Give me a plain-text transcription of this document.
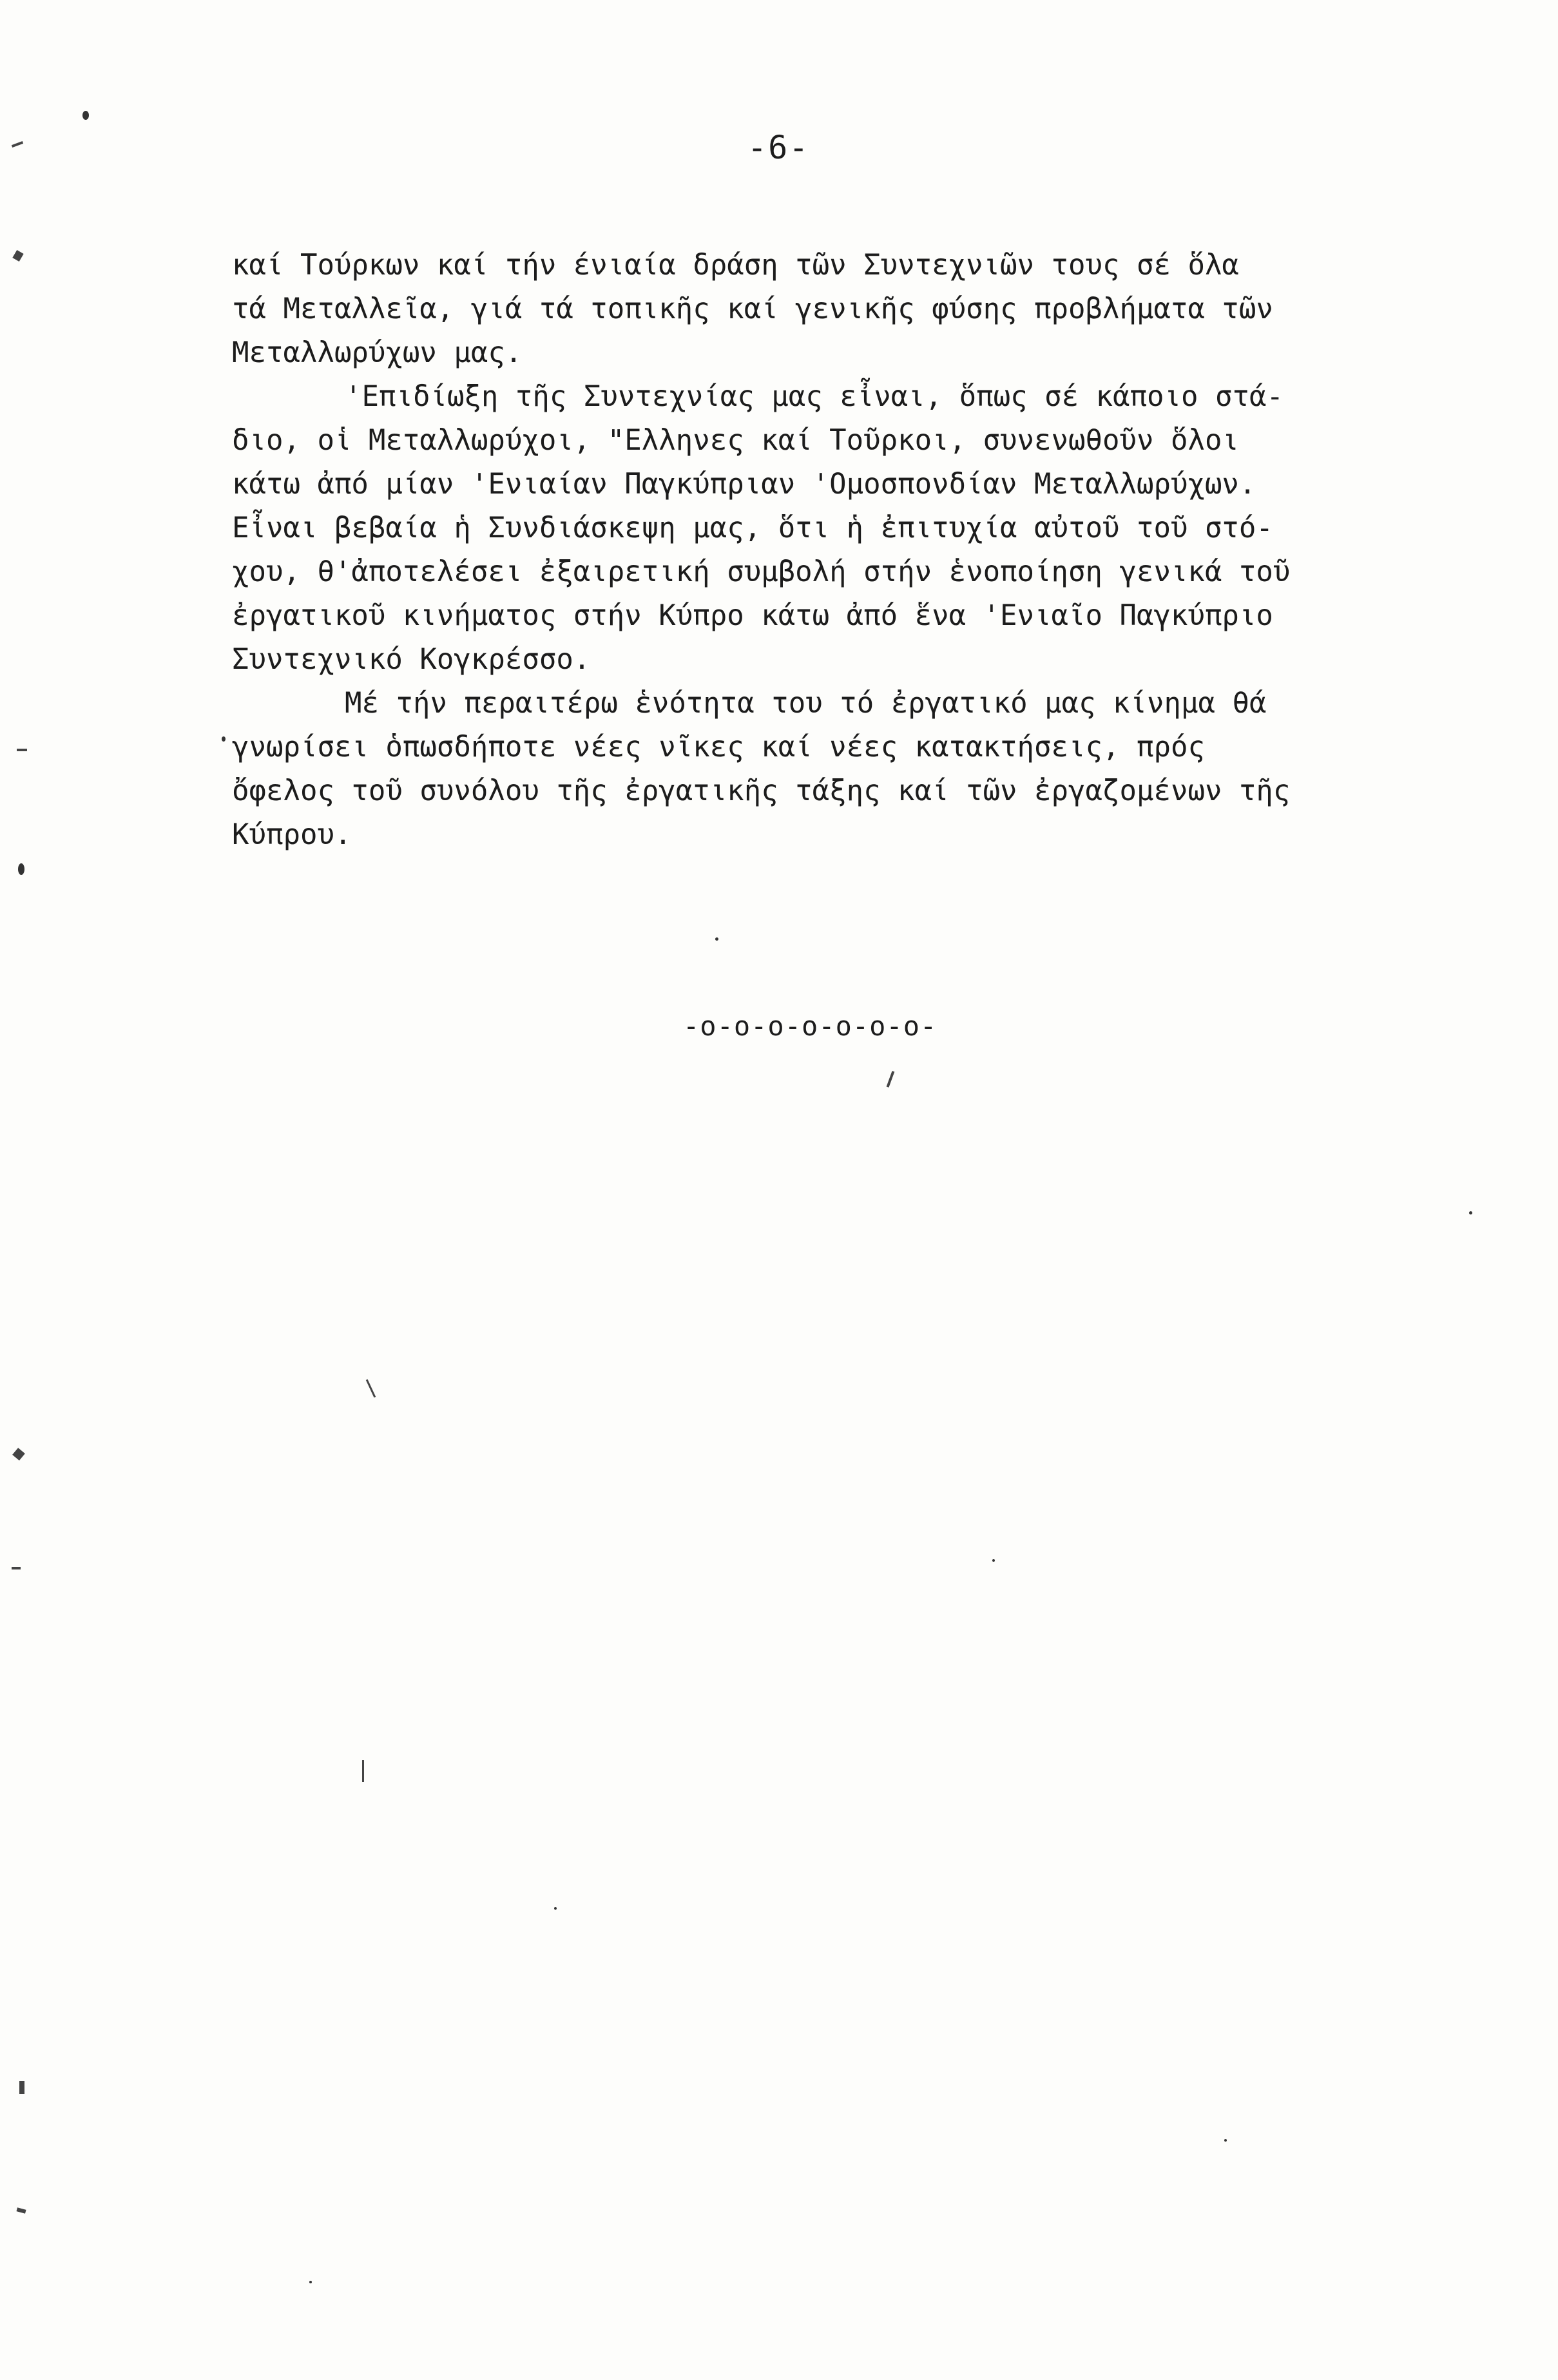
-6-
καί Τούρκων καί τήν ένιαία δράση τῶν Συντεχνιῶν τους σέ ὅλα
τά Μεταλλεῖα, γιά τά τοπικῆς καί γενικῆς φύσης προβλήματα τῶν
Μεταλλωρύχων μας.
'Επιδίωξη τῆς Συντεχνίας μας εἶναι, ὅπως σέ κάποιο στά-
διο, οἱ Μεταλλωρύχοι, "Ελληνες καί Τοῦρκοι, συνενωθοῦν ὅλοι
κάτω ἀπό μίαν 'Ενιαίαν Παγκύπριαν 'Ομοσπονδίαν Μεταλλωρύχων.
Εἶναι βεβαία ἡ Συνδιάσκεψη μας, ὅτι ἡ ἐπιτυχία αὐτοῦ τοῦ στό-
χου, θ'ἀποτελέσει ἐξαιρετική συμβολή στήν ἑνοποίηση γενικά τοῦ
ἐργατικοῦ κινήματος στήν Κύπρο κάτω ἀπό ἕνα 'Ενιαῖο Παγκύπριο
Συντεχνικό Κογκρέσσο.
Μέ τήν περαιτέρω ἑνότητα του τό ἐργατικό μας κίνημα θά
γνωρίσει ὁπωσδήποτε νέες νῖκες καί νέες κατακτήσεις, πρός
ὄφελος τοῦ συνόλου τῆς ἐργατικῆς τάξης καί τῶν ἐργαζομένων τῆς
Κύπρου.
-o-o-o-o-o-o-o-
